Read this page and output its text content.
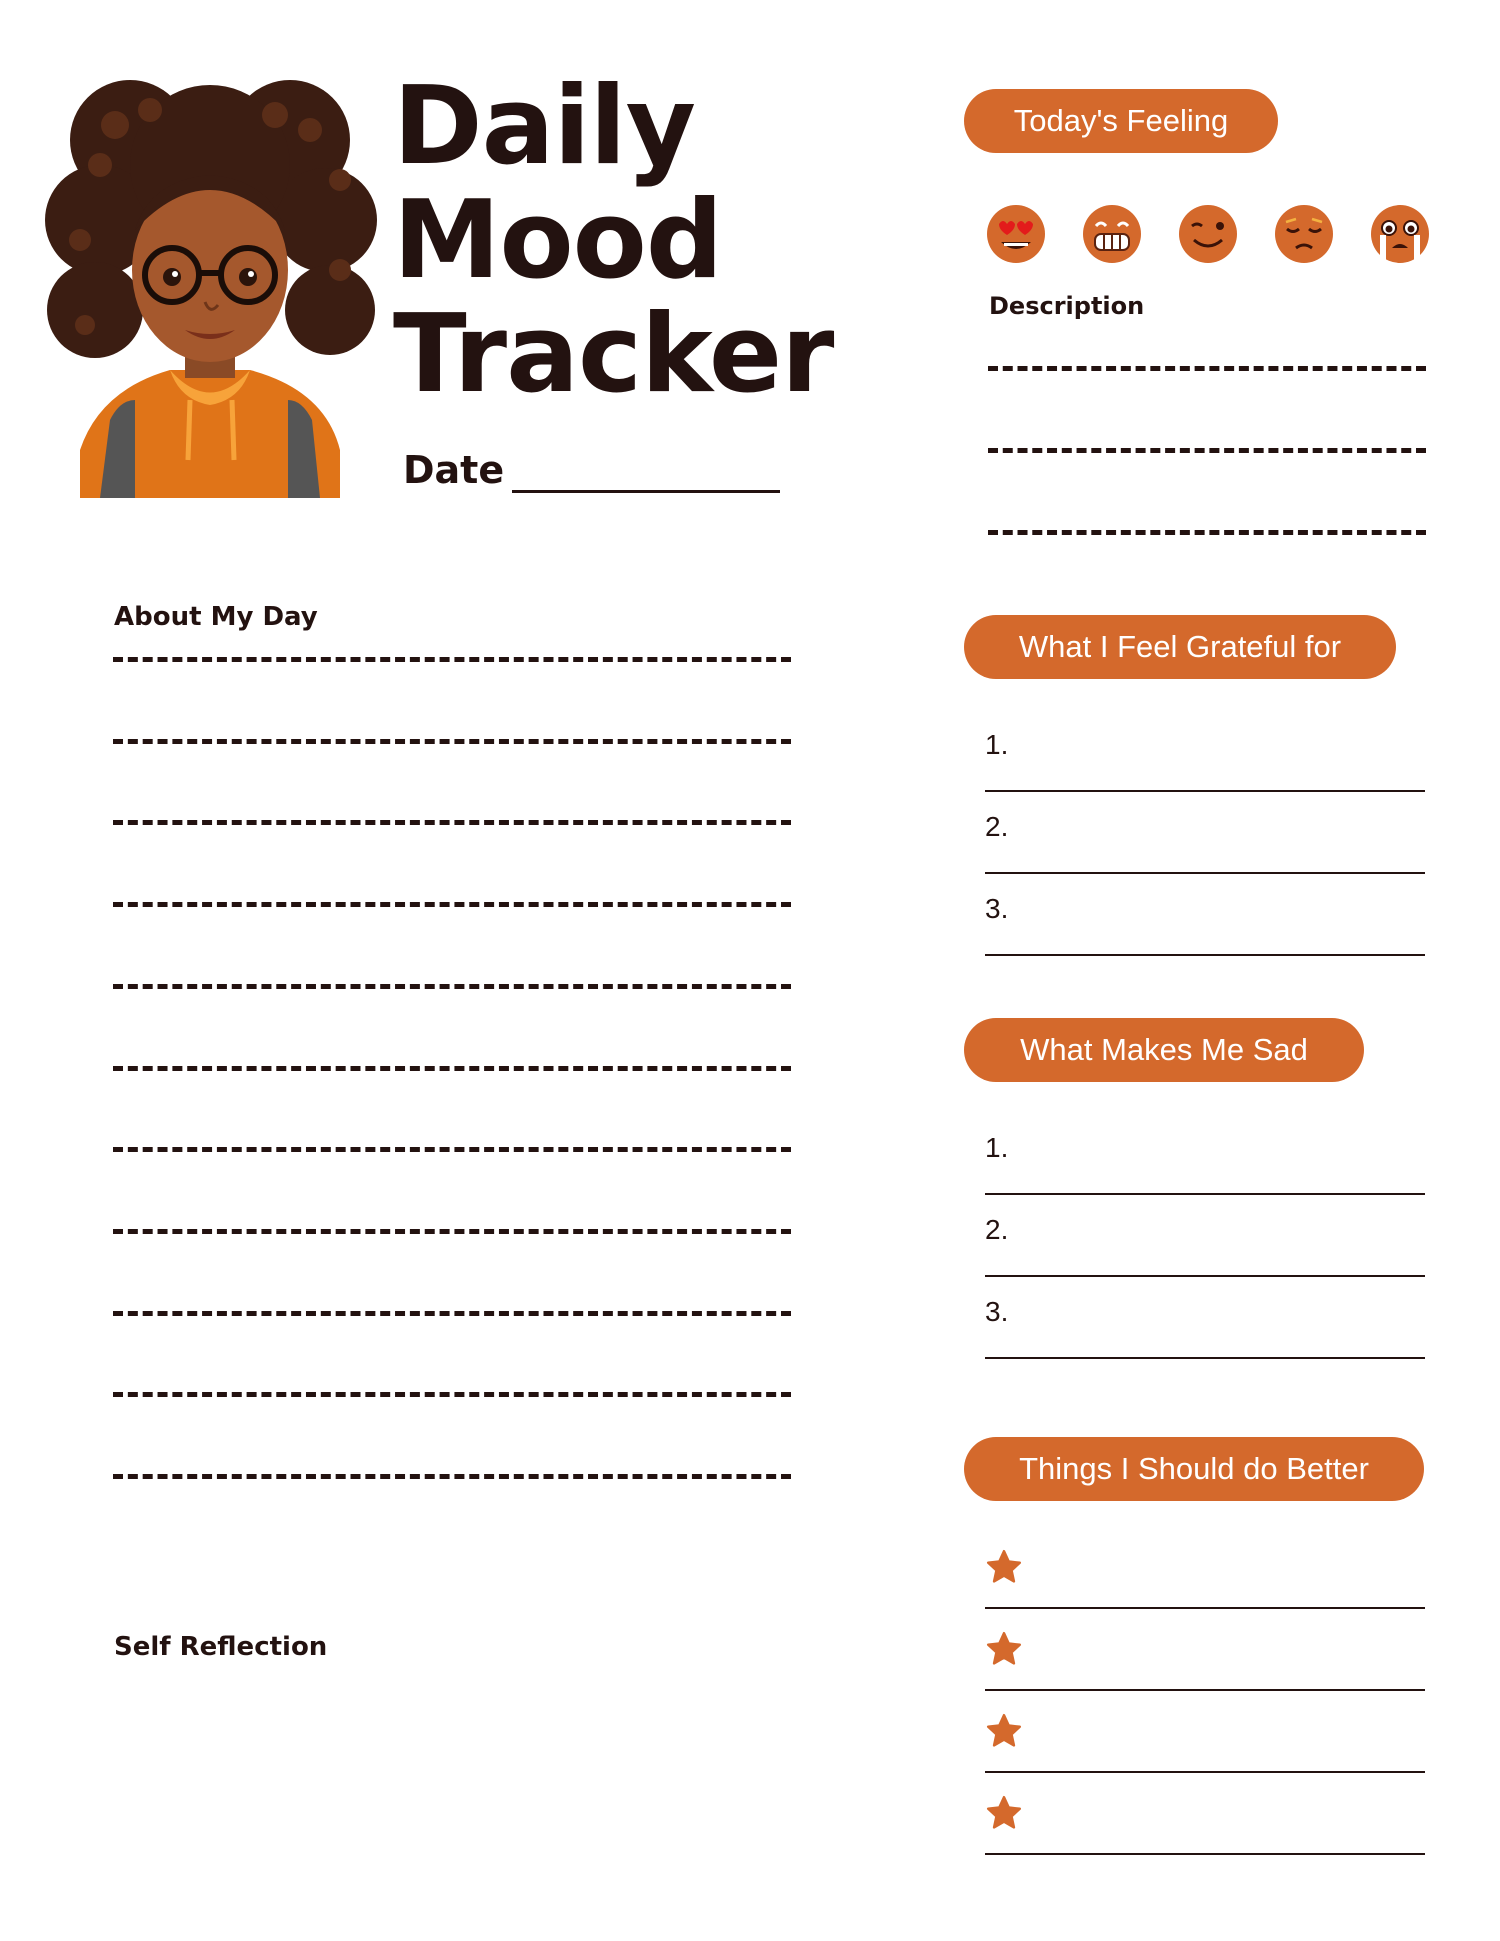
Daily
Mood
Tracker
Date
Today's Feeling
Description
About My Day
What I Feel Grateful for
1.
2.
3.
What Makes Me Sad
1.
2.
3.
Things I Should do Better
Self Reflection
